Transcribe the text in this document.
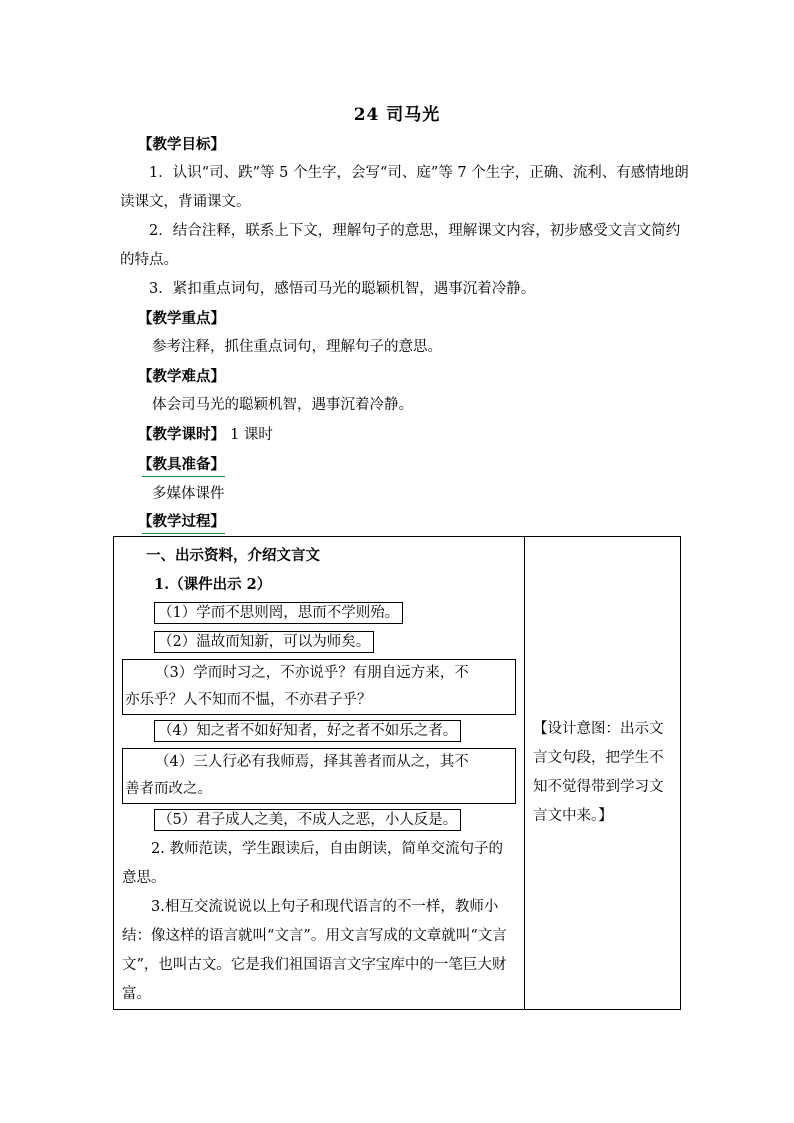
24 司马光

【教学目标】

1．认识“司、跌”等 5 个生字，会写“司、庭”等 7 个生字，正确、流利、有感情地朗读课文，背诵课文。

2．结合注释，联系上下文，理解句子的意思，理解课文内容，初步感受文言文简约的特点。

3．紧扣重点词句，感悟司马光的聪颖机智，遇事沉着冷静。

【教学重点】

参考注释，抓住重点词句，理解句子的意思。

【教学难点】

体会司马光的聪颖机智，遇事沉着冷静。

【教学课时】 1 课时

【教具准备】

多媒体课件

【教学过程】
一、出示资料，介绍文言文
1.（课件出示 2）
（1）学而不思则罔，思而不学则殆。
（2）温故而知新，可以为师矣。
（3）学而时习之，不亦说乎？有朋自远方来，不
亦乐乎？人不知而不愠，不亦君子乎？
（4）知之者不如好知者，好之者不如乐之者。
（4）三人行必有我师焉，择其善者而从之，其不
善者而改之。
（5）君子成人之美，不成人之恶，小人反是。
2. 教师范读，学生跟读后，自由朗读，简单交流句子的意思。
3.相互交流说说以上句子和现代语言的不一样，教师小结：像这样的语言就叫“文言”。用文言写成的文章就叫“文言文”，也叫古文。它是我们祖国语言文字宝库中的一笔巨大财富。

【设计意图：出示文言文句段，把学生不知不觉得带到学习文言文中来。】
